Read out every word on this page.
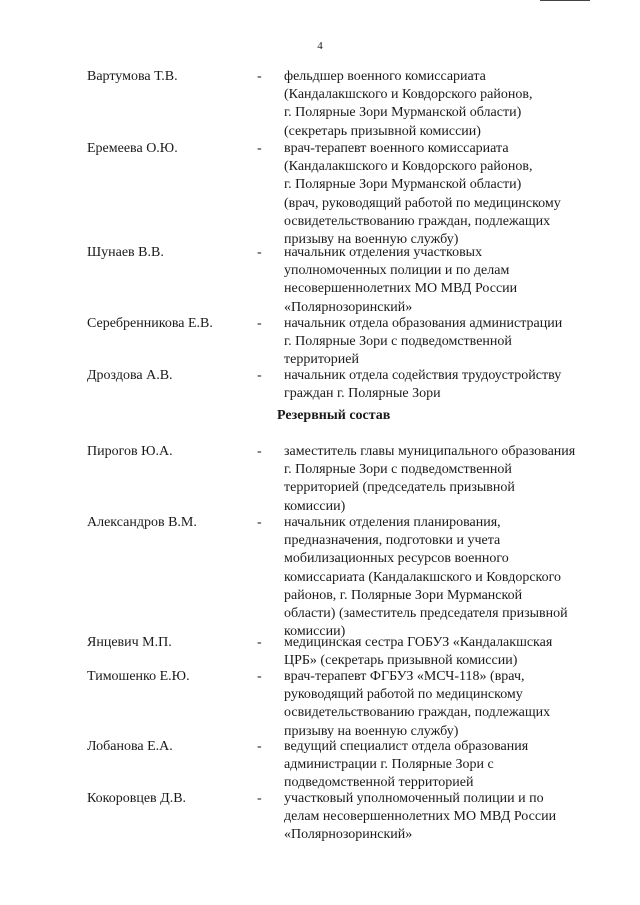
4
Вартумова Т.В.	- фельдшер военного комиссариата
(Кандалакшского и Ковдорского районов,
г. Полярные Зори Мурманской области)
(секретарь призывной комиссии)
Еремеева О.Ю.	- врач-терапевт военного комиссариата
(Кандалакшского и Ковдорского районов,
г. Полярные Зори Мурманской области)
(врач, руководящий работой по медицинскому
освидетельствованию граждан, подлежащих
призыву на военную службу)
Шунаев В.В.	- начальник отделения участковых
уполномоченных полиции и по делам
несовершеннолетних МО МВД России
«Полярнозоринский»
Серебренникова Е.В.	- начальник отдела образования администрации
г. Полярные Зори с подведомственной
территорией
Дроздова А.В.	- начальник отдела содействия трудоустройству
граждан г. Полярные Зори
Резервный состав
Пирогов Ю.А.	- заместитель главы муниципального образования
г. Полярные Зори с подведомственной
территорией (председатель призывной
комиссии)
Александров В.М.	- начальник отделения планирования,
предназначения, подготовки и учета
мобилизационных ресурсов военного
комиссариата (Кандалакшского и Ковдорского
районов, г. Полярные Зори Мурманской
области) (заместитель председателя призывной
комиссии)
Янцевич М.П.	- медицинская сестра ГОБУЗ «Кандалакшская
ЦРБ» (секретарь призывной комиссии)
Тимошенко Е.Ю.	- врач-терапевт ФГБУЗ «МСЧ-118» (врач,
руководящий работой по медицинскому
освидетельствованию граждан, подлежащих
призыву на военную службу)
Лобанова Е.А.	- ведущий специалист отдела образования
администрации г. Полярные Зори с
подведомственной территорией
Кокоровцев Д.В.	- участковый уполномоченный полиции и по
делам несовершеннолетних МО МВД России
«Полярнозоринский»
